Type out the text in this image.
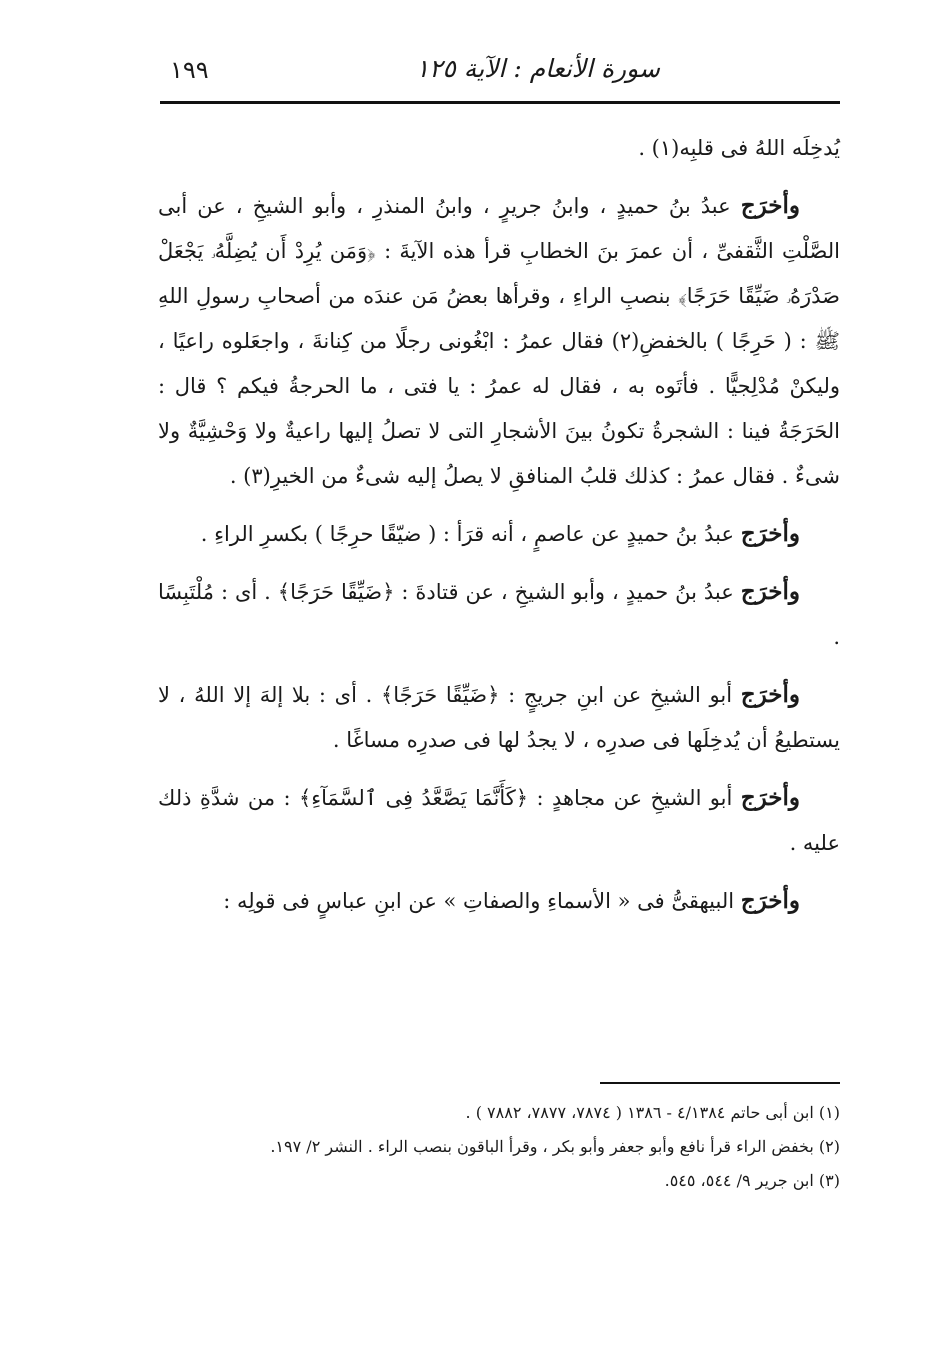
سورة الأنعام : الآية ١٢٥
١٩٩

يُدخِلَه اللهُ فى قلبِه(١) .

وأخرَج عبدُ بنُ حميدٍ ، وابنُ جريرٍ ، وابنُ المنذرِ ، وأبو الشيخِ ، عن أبى الصَّلْتِ الثَّقفىِّ ، أن عمرَ بنَ الخطابِ قرأ هذه الآيةَ : ﴿وَمَن يُرِدْ أَن يُضِلَّهُۥ يَجْعَلْ صَدْرَهُۥ ضَيِّقًا حَرَجًا﴾ بنصبِ الراءِ ، وقرأها بعضُ مَن عندَه من أصحابِ رسولِ اللهِ ﷺ : ( حَرِجًا ) بالخفضِ(٢) فقال عمرُ : ابْغُونى رجلًا من كِنانةَ ، واجعَلوه راعيًا ، وليكنْ مُدْلِجيًّا . فأتَوه به ، فقال له عمرُ : يا فتى ، ما الحرجةُ فيكم ؟ قال : الحَرَجَةُ فينا : الشجرةُ تكونُ بينَ الأشجارِ التى لا تصلُ إليها راعيةٌ ولا وَحْشِيَّةٌ ولا شىءٌ . فقال عمرُ : كذلك قلبُ المنافقِ لا يصلُ إليه شىءٌ من الخيرِ(٣) .

وأخرَج عبدُ بنُ حميدٍ عن عاصمٍ ، أنه قرَأ : ( ضيّقًا حرِجًا ) بكسرِ الراءِ .

وأخرَج عبدُ بنُ حميدٍ ، وأبو الشيخِ ، عن قتادةَ : ﴿ضَيِّقًا حَرَجًا﴾ . أى : مُلْتَبِسًا .

وأخرَج أبو الشيخِ عن ابنِ جريجٍ : ﴿ضَيِّقًا حَرَجًا﴾ . أى : بلا إلهَ إلا اللهُ ، لا يستطيعُ أن يُدخِلَها فى صدرِه ، لا يجدُ لها فى صدرِه مساغًا .

وأخرَج أبو الشيخِ عن مجاهدٍ : ﴿كَأَنَّمَا يَصَّعَّدُ فِى ٱلسَّمَآءِ﴾ : من شدَّةِ ذلك عليه .

وأخرَج البيهقىُّ فى « الأسماءِ والصفاتِ » عن ابنِ عباسٍ فى قولِه :

(١) ابن أبى حاتم ٤/١٣٨٤ - ١٣٨٦ ( ٧٨٧٤، ٧٨٧٧، ٧٨٨٢ ) .

(٢) بخفض الراء قرأ نافع وأبو جعفر وأبو بكر ، وقرأ الباقون بنصب الراء . النشر ٢/ ١٩٧.

(٣) ابن جرير ٩/ ٥٤٤، ٥٤٥.
